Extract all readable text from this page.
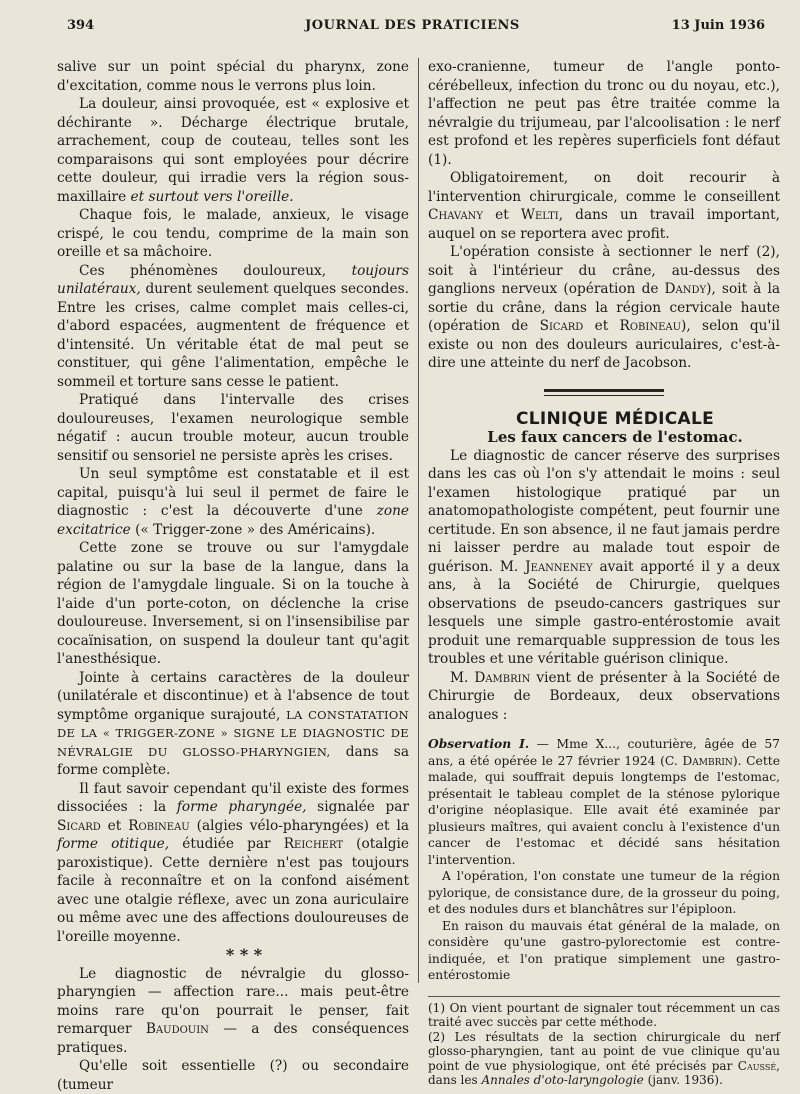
394	JOURNAL DES PRATICIENS	13 Juin 1936

salive sur un point spécial du pharynx, zone d'excitation, comme nous le verrons plus loin.

La douleur, ainsi provoquée, est « explosive et déchirante ». Décharge électrique brutale, arrachement, coup de couteau, telles sont les comparaisons qui sont employées pour décrire cette douleur, qui irradie vers la région sous-maxillaire et surtout vers l'oreille.

Chaque fois, le malade, anxieux, le visage crispé, le cou tendu, comprime de la main son oreille et sa mâchoire.

Ces phénomènes douloureux, toujours unilatéraux, durent seulement quelques secondes. Entre les crises, calme complet mais celles-ci, d'abord espacées, augmentent de fréquence et d'intensité. Un véritable état de mal peut se constituer, qui gêne l'alimentation, empêche le sommeil et torture sans cesse le patient.

Pratiqué dans l'intervalle des crises douloureuses, l'examen neurologique semble négatif : aucun trouble moteur, aucun trouble sensitif ou sensoriel ne persiste après les crises.

Un seul symptôme est constatable et il est capital, puisqu'à lui seul il permet de faire le diagnostic : c'est la découverte d'une zone excitatrice (« Trigger-zone » des Américains).

Cette zone se trouve ou sur l'amygdale palatine ou sur la base de la langue, dans la région de l'amygdale linguale. Si on la touche à l'aide d'un porte-coton, on déclenche la crise douloureuse. Inversement, si on l'insensibilise par cocaïnisation, on suspend la douleur tant qu'agit l'anesthésique.

Jointe à certains caractères de la douleur (unilatérale et discontinue) et à l'absence de tout symptôme organique surajouté, LA CONSTATATION DE LA « TRIGGER-ZONE » SIGNE LE DIAGNOSTIC DE NÉVRALGIE DU GLOSSO-PHARYNGIEN, dans sa forme complète.

Il faut savoir cependant qu'il existe des formes dissociées : la forme pharyngée, signalée par Sicard et Robineau (algies vélo-pharyngées) et la forme otitique, étudiée par Reichert (otalgie paroxistique). Cette dernière n'est pas toujours facile à reconnaître et on la confond aisément avec une otalgie réflexe, avec un zona auriculaire ou même avec une des affections douloureuses de l'oreille moyenne.

* * *

Le diagnostic de névralgie du glosso-pharyngien — affection rare... mais peut-être moins rare qu'on pourrait le penser, fait remarquer Baudouin — a des conséquences pratiques.

Qu'elle soit essentielle (?) ou secondaire (tumeur

exo-cranienne, tumeur de l'angle ponto-cérébelleux, infection du tronc ou du noyau, etc.), l'affection ne peut pas être traitée comme la névralgie du trijumeau, par l'alcoolisation : le nerf est profond et les repères superficiels font défaut (1).

Obligatoirement, on doit recourir à l'intervention chirurgicale, comme le conseillent Chavany et Welti, dans un travail important, auquel on se reportera avec profit.

L'opération consiste à sectionner le nerf (2), soit à l'intérieur du crâne, au-dessus des ganglions nerveux (opération de Dandy), soit à la sortie du crâne, dans la région cervicale haute (opération de Sicard et Robineau), selon qu'il existe ou non des douleurs auriculaires, c'est-à-dire une atteinte du nerf de Jacobson.

CLINIQUE MÉDICALE

Les faux cancers de l'estomac.

Le diagnostic de cancer réserve des surprises dans les cas où l'on s'y attendait le moins : seul l'examen histologique pratiqué par un anatomopathologiste compétent, peut fournir une certitude. En son absence, il ne faut jamais perdre ni laisser perdre au malade tout espoir de guérison. M. Jeanneney avait apporté il y a deux ans, à la Société de Chirurgie, quelques observations de pseudo-cancers gastriques sur lesquels une simple gastro-entérostomie avait produit une remarquable suppression de tous les troubles et une véritable guérison clinique.

M. Dambrin vient de présenter à la Société de Chirurgie de Bordeaux, deux observations analogues :

Observation I. — Mme X..., couturière, âgée de 57 ans, a été opérée le 27 février 1924 (C. Dambrin). Cette malade, qui souffrait depuis longtemps de l'estomac, présentait le tableau complet de la sténose pylorique d'origine néoplasique. Elle avait été examinée par plusieurs maîtres, qui avaient conclu à l'existence d'un cancer de l'estomac et décidé sans hésitation l'intervention.

A l'opération, l'on constate une tumeur de la région pylorique, de consistance dure, de la grosseur du poing, et des nodules durs et blanchâtres sur l'épiploon.

En raison du mauvais état général de la malade, on considère qu'une gastro-pylorectomie est contre-indiquée, et l'on pratique simplement une gastro-entérostomie

(1) On vient pourtant de signaler tout récemment un cas traité avec succès par cette méthode.

(2) Les résultats de la section chirurgicale du nerf glosso-pharyngien, tant au point de vue clinique qu'au point de vue physiologique, ont été précisés par Caussé, dans les Annales d'oto-laryngologie (janv. 1936).
